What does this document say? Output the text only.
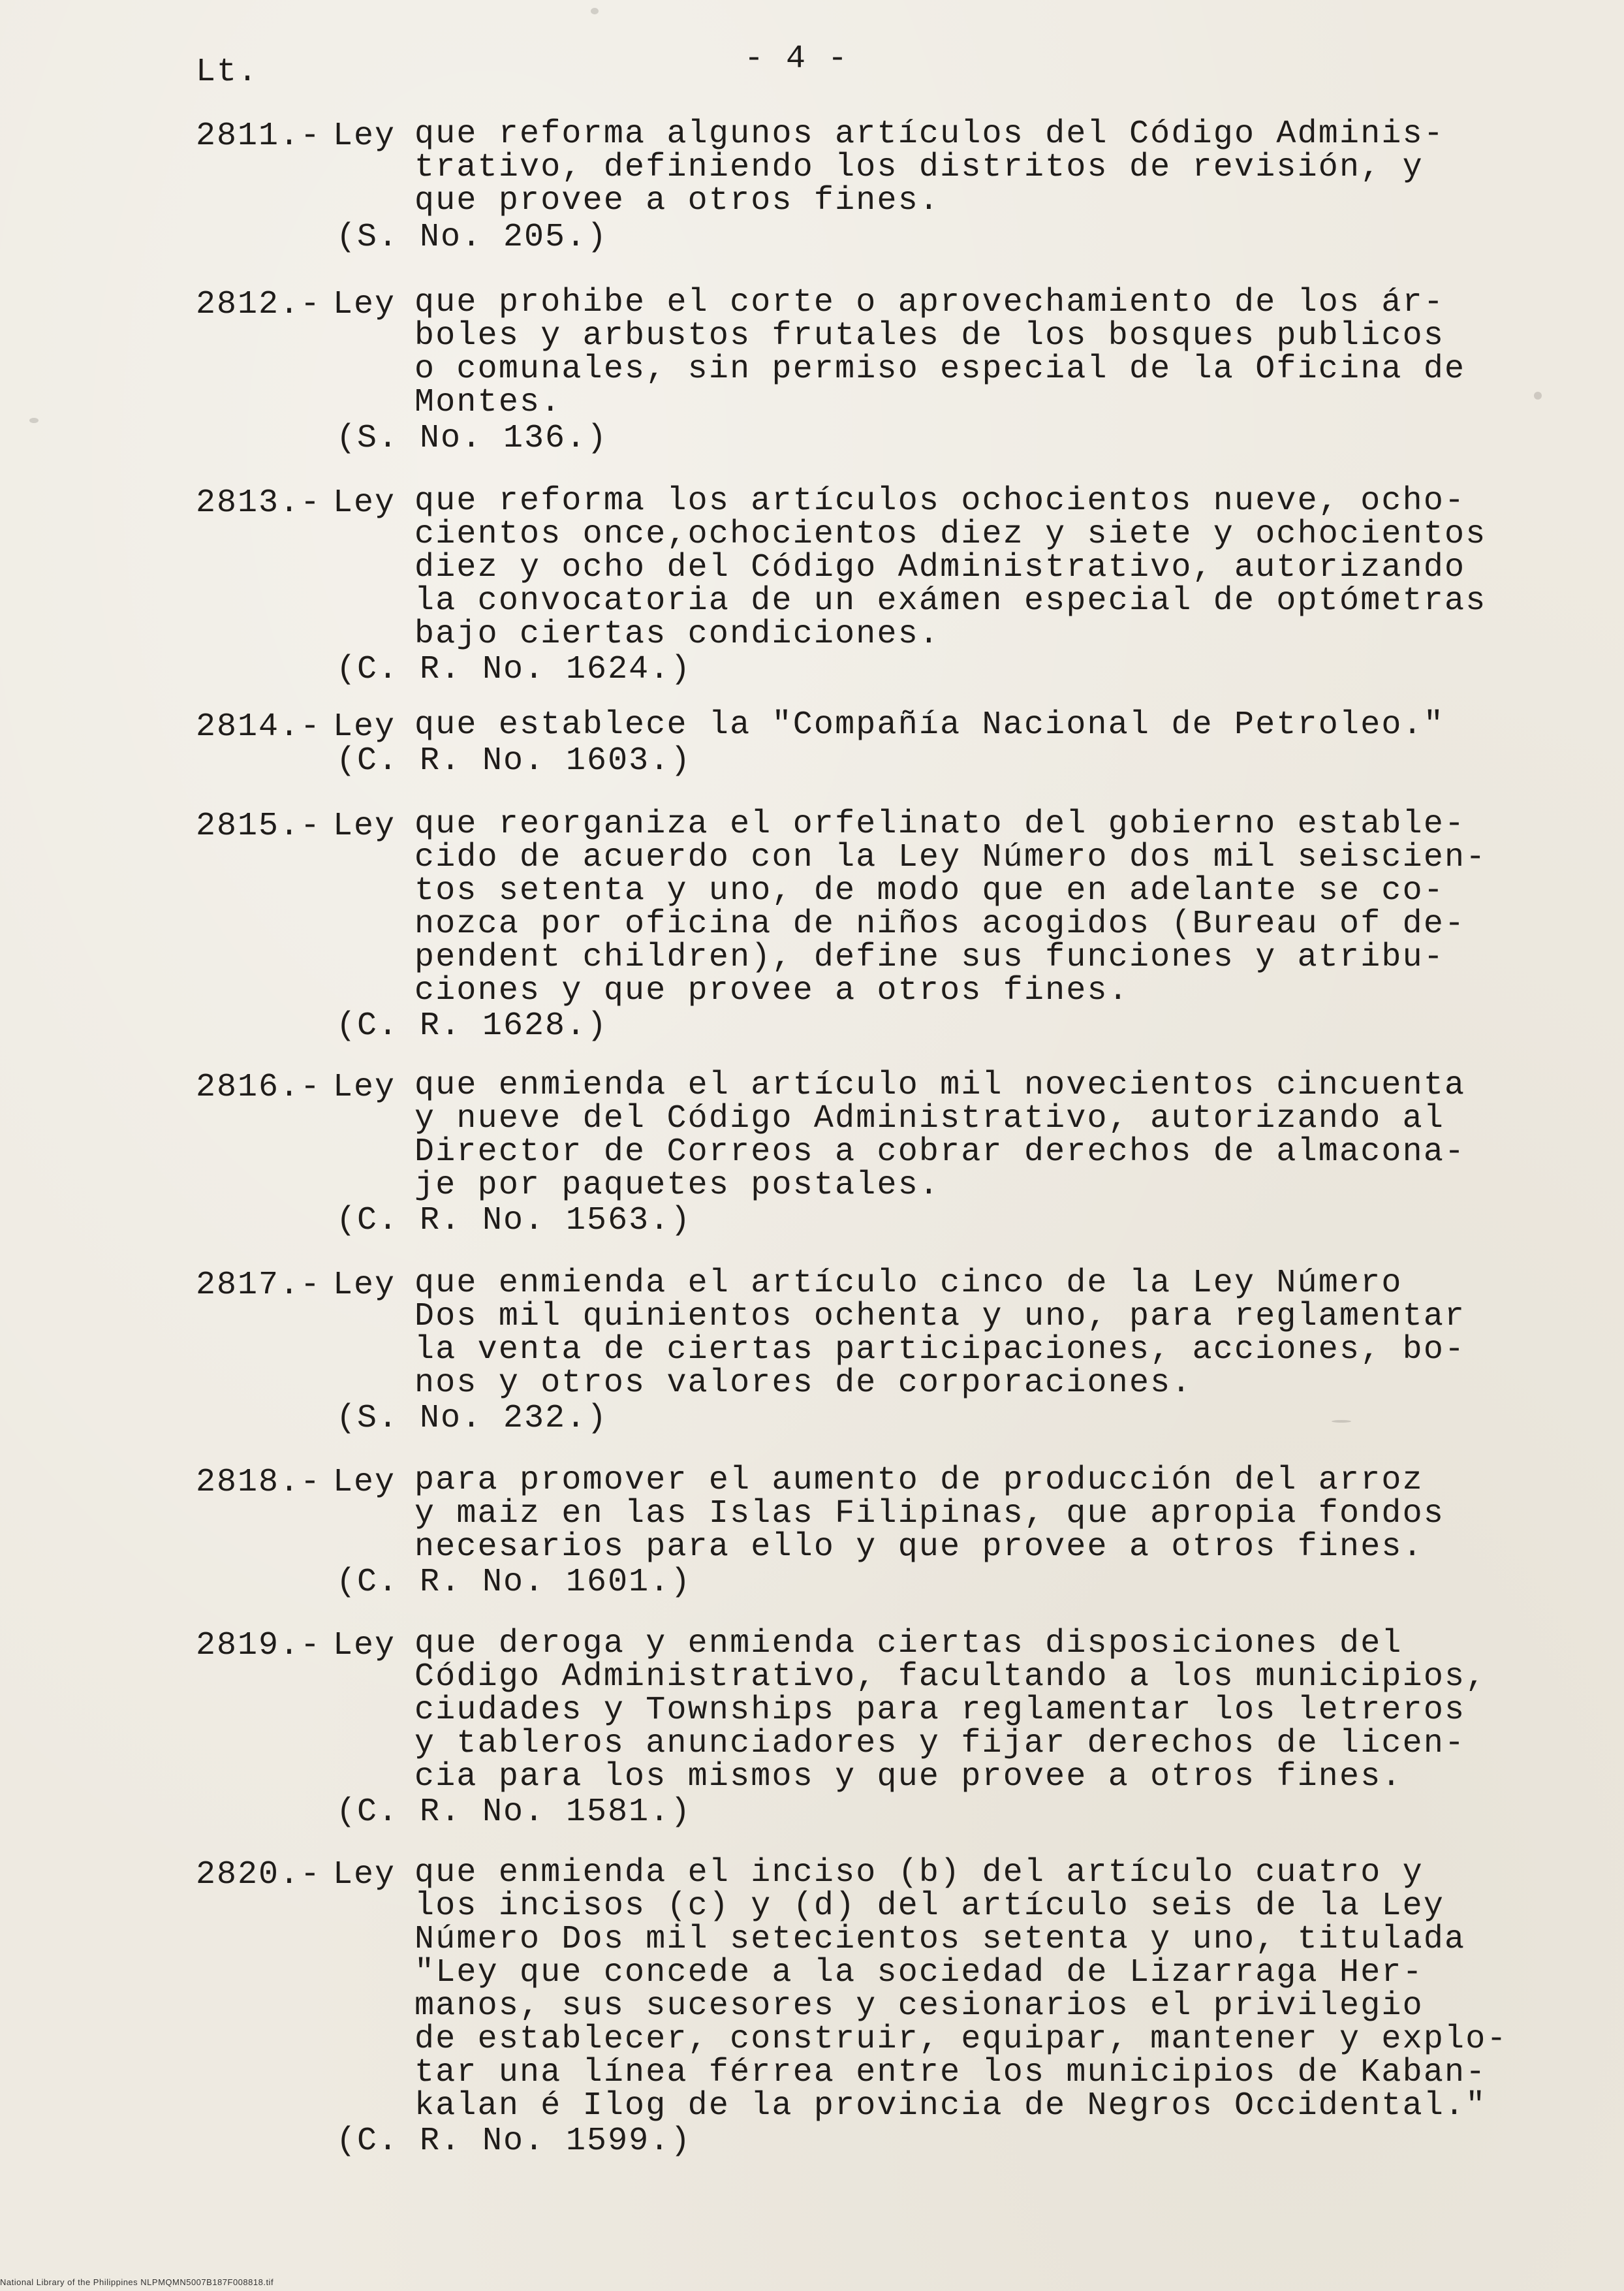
Lt.	- 4 -
2811.- Ley que reforma algunos artículos del Código Adminis-
trativo, definiendo los distritos de revisión, y
que provee a otros fines.
(S. No. 205.)
2812.- Ley que prohibe el corte o aprovechamiento de los ár-
boles y arbustos frutales de los bosques publicos
o comunales, sin permiso especial de la Oficina de
Montes.
(S. No. 136.)
2813.- Ley que reforma los artículos ochocientos nueve, ocho-
cientos once,ochocientos diez y siete y ochocientos
diez y ocho del Código Administrativo, autorizando
la convocatoria de un exámen especial de optómetras
bajo ciertas condiciones.
(C. R. No. 1624.)
2814.- Ley que establece la "Compañía Nacional de Petroleo."
(C. R. No. 1603.)
2815.- Ley que reorganiza el orfelinato del gobierno estable-
cido de acuerdo con la Ley Número dos mil seiscien-
tos setenta y uno, de modo que en adelante se co-
nozca por oficina de niños acogidos (Bureau of de-
pendent children), define sus funciones y atribu-
ciones y que provee a otros fines.
(C. R. 1628.)
2816.- Ley que enmienda el artículo mil novecientos cincuenta
y nueve del Código Administrativo, autorizando al
Director de Correos a cobrar derechos de almacona-
je por paquetes postales.
(C. R. No. 1563.)
2817.- Ley que enmienda el artículo cinco de la Ley Número
Dos mil quinientos ochenta y uno, para reglamentar
la venta de ciertas participaciones, acciones, bo-
nos y otros valores de corporaciones.
(S. No. 232.)
2818.- Ley para promover el aumento de producción del arroz
y maiz en las Islas Filipinas, que apropia fondos
necesarios para ello y que provee a otros fines.
(C. R. No. 1601.)
2819.- Ley que deroga y enmienda ciertas disposiciones del
Código Administrativo, facultando a los municipios,
ciudades y Townships para reglamentar los letreros
y tableros anunciadores y fijar derechos de licen-
cia para los mismos y que provee a otros fines.
(C. R. No. 1581.)
2820.- Ley que enmienda el inciso (b) del artículo cuatro y
los incisos (c) y (d) del artículo seis de la Ley
Número Dos mil setecientos setenta y uno, titulada
"Ley que concede a la sociedad de Lizarraga Her-
manos, sus sucesores y cesionarios el privilegio
de establecer, construir, equipar, mantener y explo-
tar una línea férrea entre los municipios de Kaban-
kalan é Ilog de la provincia de Negros Occidental."
(C. R. No. 1599.)
National Library of the Philippines NLPMQMN5007B187F008818.tif
